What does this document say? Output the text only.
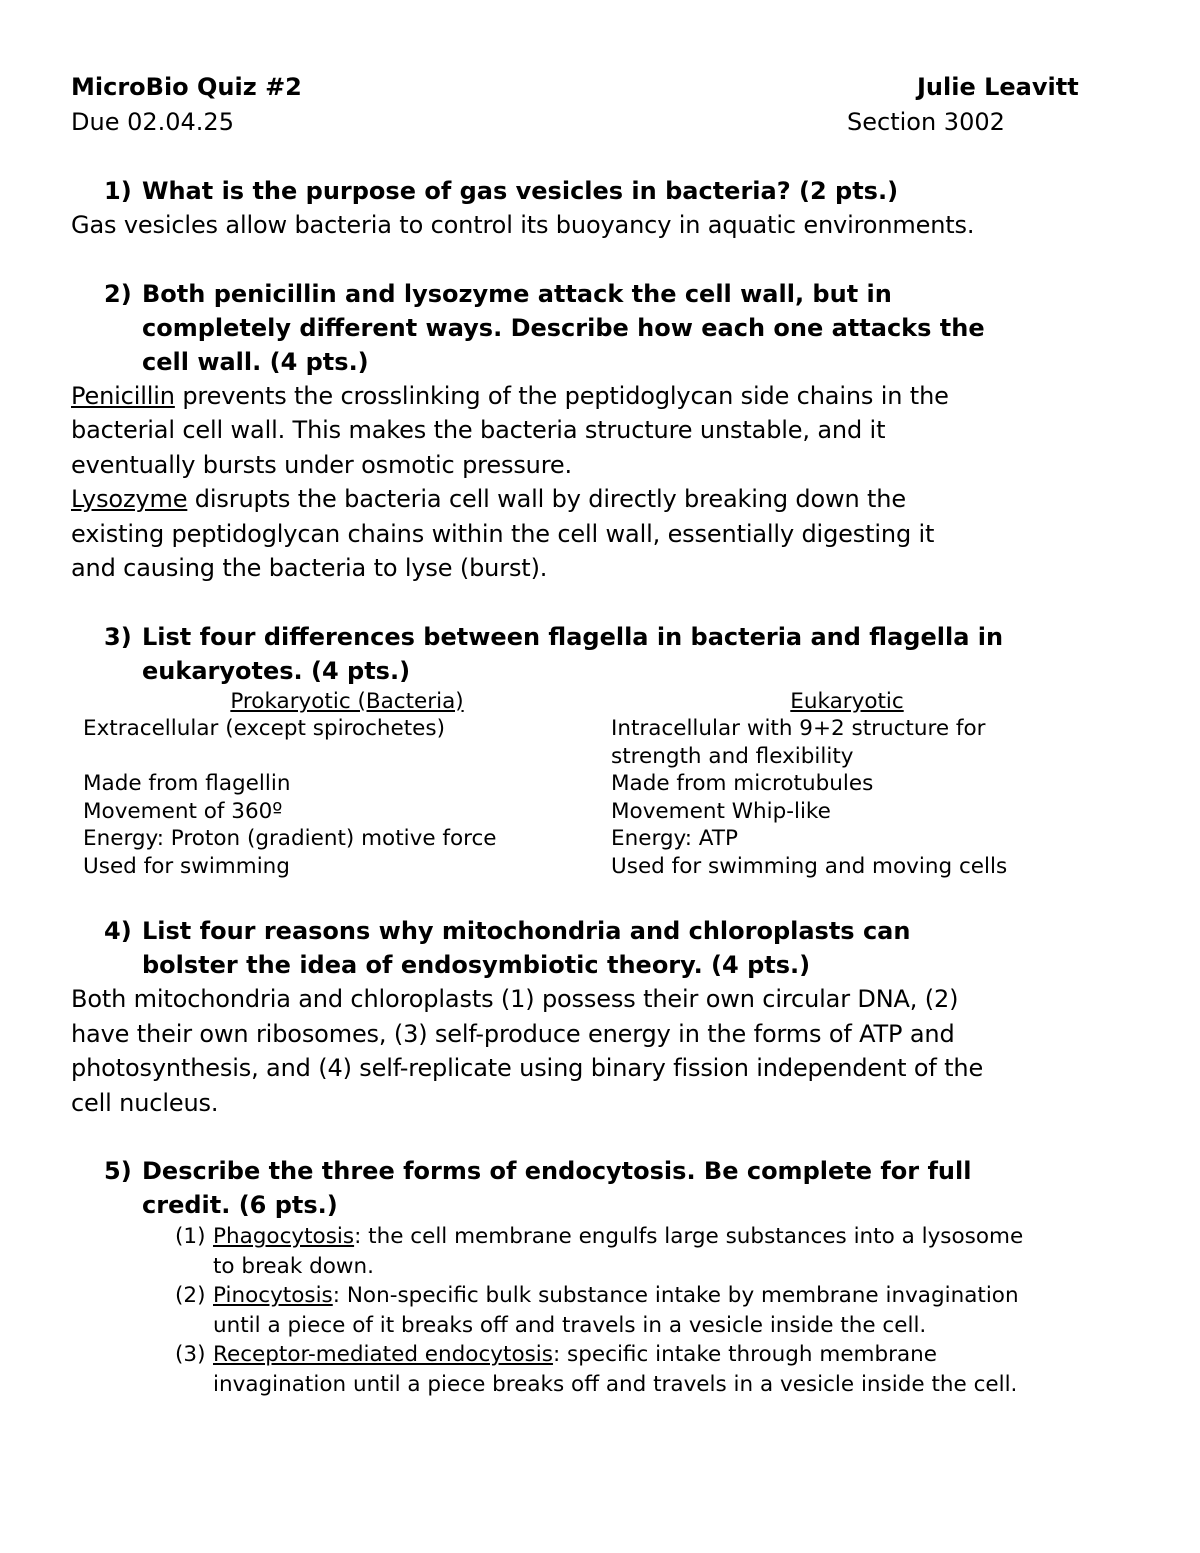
MicroBio Quiz #2	Julie Leavitt
Due 02.04.25	Section 3002
1) What is the purpose of gas vesicles in bacteria? (2 pts.)
Gas vesicles allow bacteria to control its buoyancy in aquatic environments.
2) Both penicillin and lysozyme attack the cell wall, but in
completely different ways. Describe how each one attacks the
cell wall. (4 pts.)
Penicillin prevents the crosslinking of the peptidoglycan side chains in the
bacterial cell wall. This makes the bacteria structure unstable, and it
eventually bursts under osmotic pressure.
Lysozyme disrupts the bacteria cell wall by directly breaking down the
existing peptidoglycan chains within the cell wall, essentially digesting it
and causing the bacteria to lyse (burst).
3) List four differences between flagella in bacteria and flagella in
eukaryotes. (4 pts.)
Prokaryotic (Bacteria)	Eukaryotic
Extracellular (except spirochetes)	Intracellular with 9+2 structure for
	strength and flexibility
Made from flagellin	Made from microtubules
Movement of 360º	Movement Whip-like
Energy: Proton (gradient) motive force	Energy: ATP
Used for swimming	Used for swimming and moving cells
4) List four reasons why mitochondria and chloroplasts can
bolster the idea of endosymbiotic theory. (4 pts.)
Both mitochondria and chloroplasts (1) possess their own circular DNA, (2)
have their own ribosomes, (3) self-produce energy in the forms of ATP and
photosynthesis, and (4) self-replicate using binary fission independent of the
cell nucleus.
5) Describe the three forms of endocytosis. Be complete for full
credit. (6 pts.)
(1) Phagocytosis: the cell membrane engulfs large substances into a lysosome
to break down.
(2) Pinocytosis: Non-specific bulk substance intake by membrane invagination
until a piece of it breaks off and travels in a vesicle inside the cell.
(3) Receptor-mediated endocytosis: specific intake through membrane
invagination until a piece breaks off and travels in a vesicle inside the cell.
